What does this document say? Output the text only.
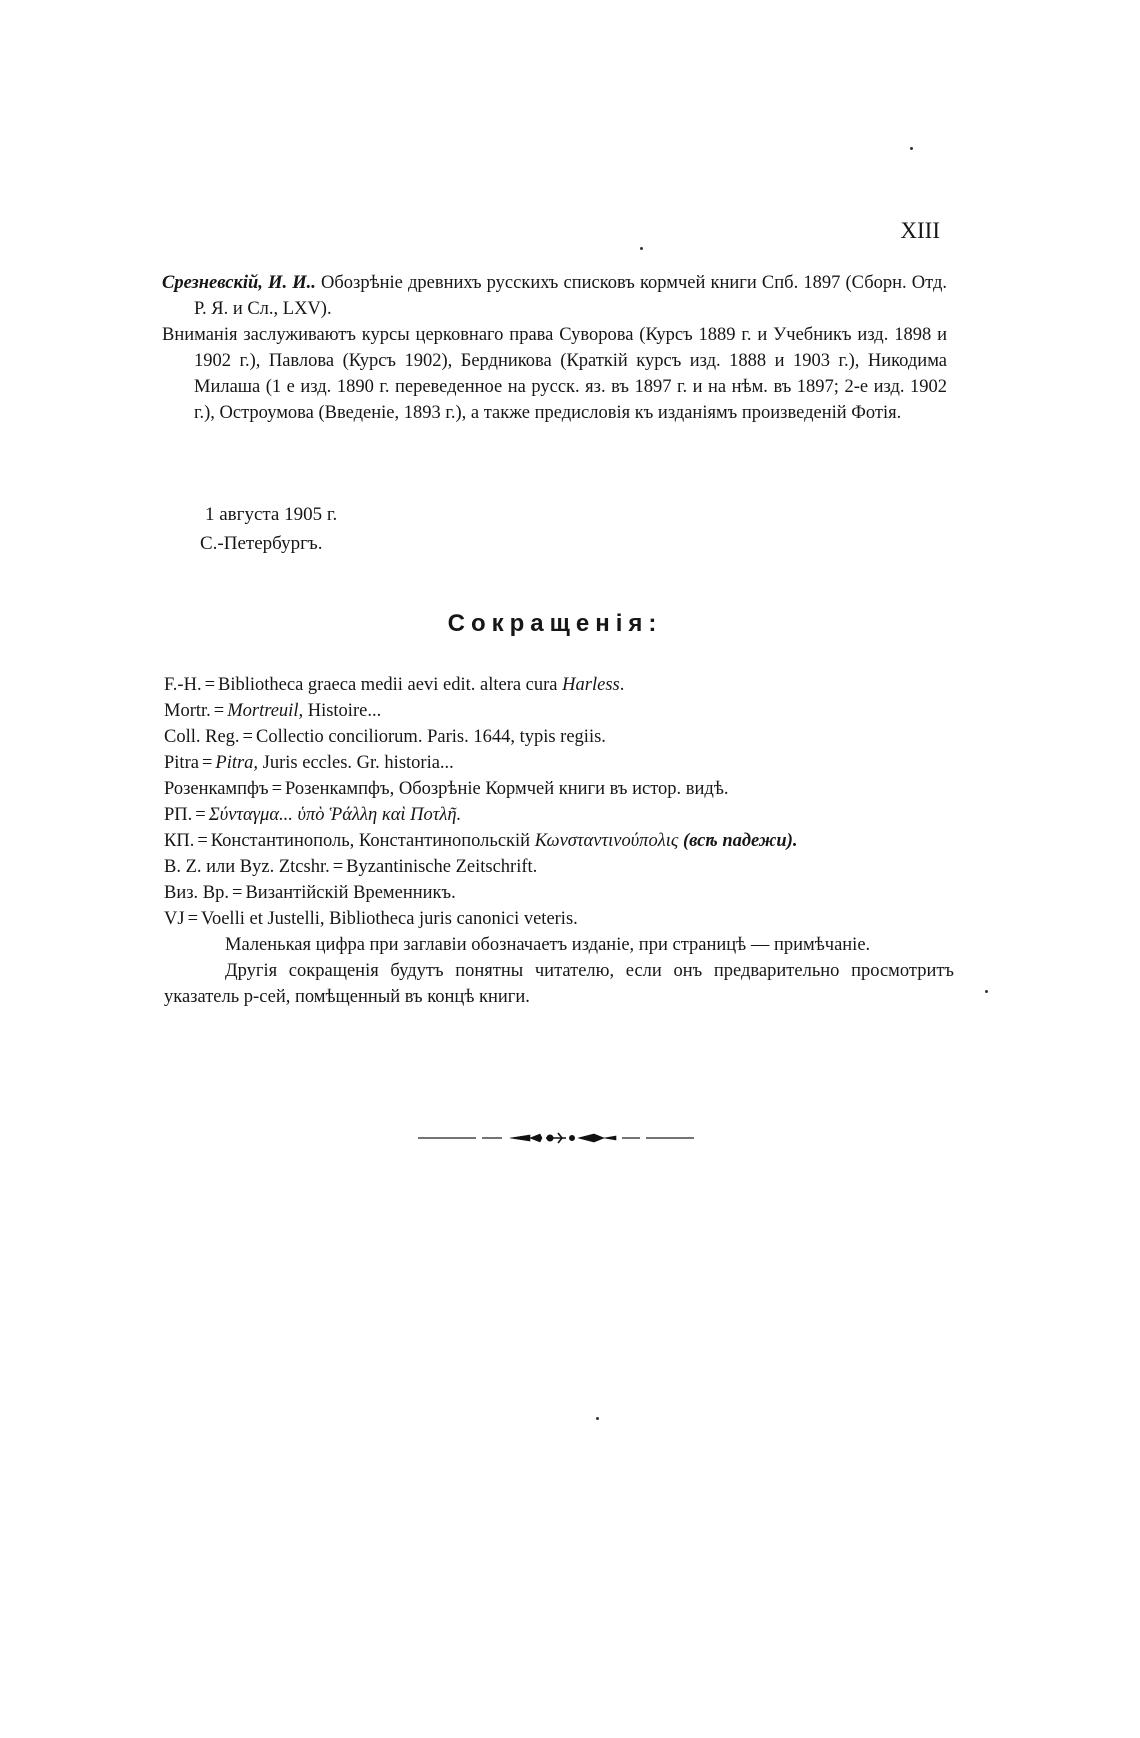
XIII

Срезневскій, И. И.. Обозрѣніе древнихъ русскихъ списковъ кормчей книги Спб. 1897 (Сборн. Отд. Р. Я. и Сл., LXV).

Вниманія заслуживаютъ курсы церковнаго права Суворова (Курсъ 1889 г. и Учебникъ изд. 1898 и 1902 г.), Павлова (Курсъ 1902), Бердникова (Краткій курсъ изд. 1888 и 1903 г.), Никодима Милаша (1 е изд. 1890 г. переведенное на русск. яз. въ 1897 г. и на нѣм. въ 1897; 2-е изд. 1902 г.), Остроумова (Введеніе, 1893 г.), а также предисловія къ изданіямъ произведеній Фотія.

1 августа 1905 г.
С.-Петербургъ.
Сокращенія:
F.-H. = Bibliotheca graeca medii aevi edit. altera cura Harless.
Mortr. = Mortreuil, Histoire...
Coll. Reg. = Collectio conciliorum. Paris. 1644, typis regiis.
Pitra = Pitra, Juris eccles. Gr. historia...
Розенкампфъ = Розенкампфъ, Обозрѣніе Кормчей книги въ истор. видѣ.
РП. = Σύνταγμα... ὑπὸ Ῥάλλη καὶ Ποτλῆ.
КП. = Константинополь, Константинопольскій Κωνσταντινούπολις (всѣ падежи).
B. Z. или Byz. Ztcshr. = Byzantinische Zeitschrift.
Виз. Вр. = Византійскій Временникъ.
VJ = Voelli et Justelli, Bibliotheca juris canonici veteris.

Маленькая цифра при заглавіи обозначаетъ изданіе, при страницѣ — примѣчаніе.

Другія сокращенія будутъ понятны читателю, если онъ предварительно просмотритъ указатель р-сей, помѣщенный въ концѣ книги.
